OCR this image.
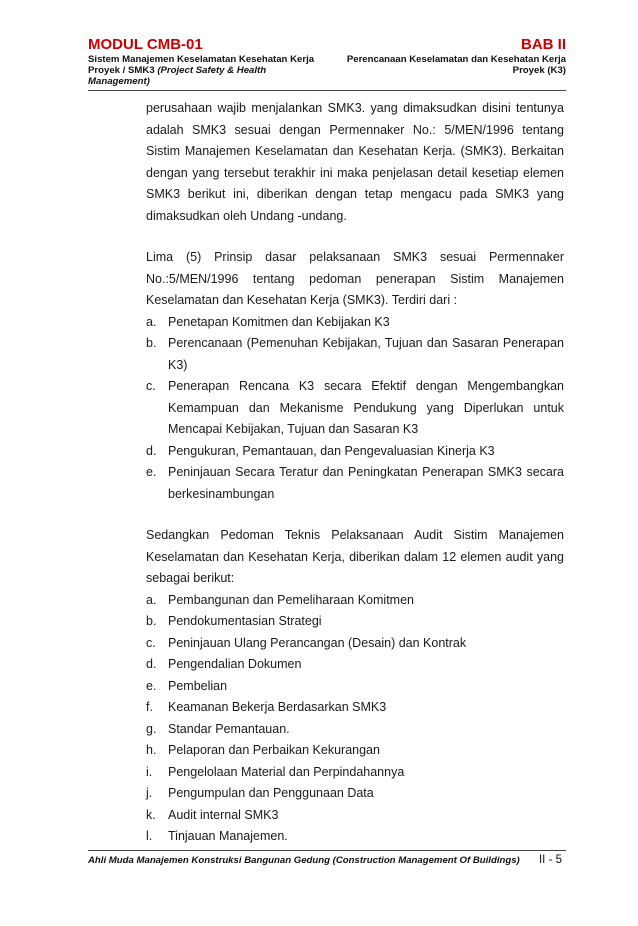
MODUL CMB-01	BAB II
Sistem Manajemen Keselamatan Kesehatan Kerja	Perencanaan Keselamatan dan Kesehatan Kerja
Proyek / SMK3 (Project Safety & Health	Proyek (K3)
Management)

perusahaan wajib menjalankan SMK3. yang dimaksudkan disini tentunya adalah SMK3 sesuai dengan Permennaker No.: 5/MEN/1996 tentang Sistim Manajemen Keselamatan dan Kesehatan Kerja. (SMK3). Berkaitan dengan yang tersebut terakhir ini maka penjelasan detail kesetiap elemen SMK3 berikut ini, diberikan dengan tetap mengacu pada SMK3 yang dimaksudkan oleh Undang -undang.

Lima (5) Prinsip dasar pelaksanaan SMK3 sesuai Permennaker No.:5/MEN/1996 tentang pedoman penerapan Sistim Manajemen Keselamatan dan Kesehatan Kerja (SMK3). Terdiri dari :

a. Penetapan Komitmen dan Kebijakan K3
b. Perencanaan (Pemenuhan Kebijakan, Tujuan dan Sasaran Penerapan K3)
c. Penerapan Rencana K3 secara Efektif dengan Mengembangkan Kemampuan dan Mekanisme Pendukung yang Diperlukan untuk Mencapai Kebijakan, Tujuan dan Sasaran K3
d. Pengukuran, Pemantauan, dan Pengevaluasian Kinerja K3
e. Peninjauan Secara Teratur dan Peningkatan Penerapan SMK3 secara berkesinambungan

Sedangkan Pedoman Teknis Pelaksanaan Audit Sistim Manajemen Keselamatan dan Kesehatan Kerja, diberikan dalam 12 elemen audit yang sebagai berikut:

a. Pembangunan dan Pemeliharaan Komitmen
b. Pendokumentasian Strategi
c. Peninjauan Ulang Perancangan (Desain) dan Kontrak
d. Pengendalian Dokumen
e. Pembelian
f.	Keamanan Bekerja Berdasarkan SMK3
g. Standar Pemantauan.
h. Pelaporan dan Perbaikan Kekurangan
i.	Pengelolaan Material dan Perpindahannya
j.	Pengumpulan dan Penggunaan Data
k. Audit internal SMK3
l.	Tinjauan Manajemen.
Ahli Muda Manajemen Konstruksi Bangunan Gedung (Construction Management Of Buildings) II - 5
